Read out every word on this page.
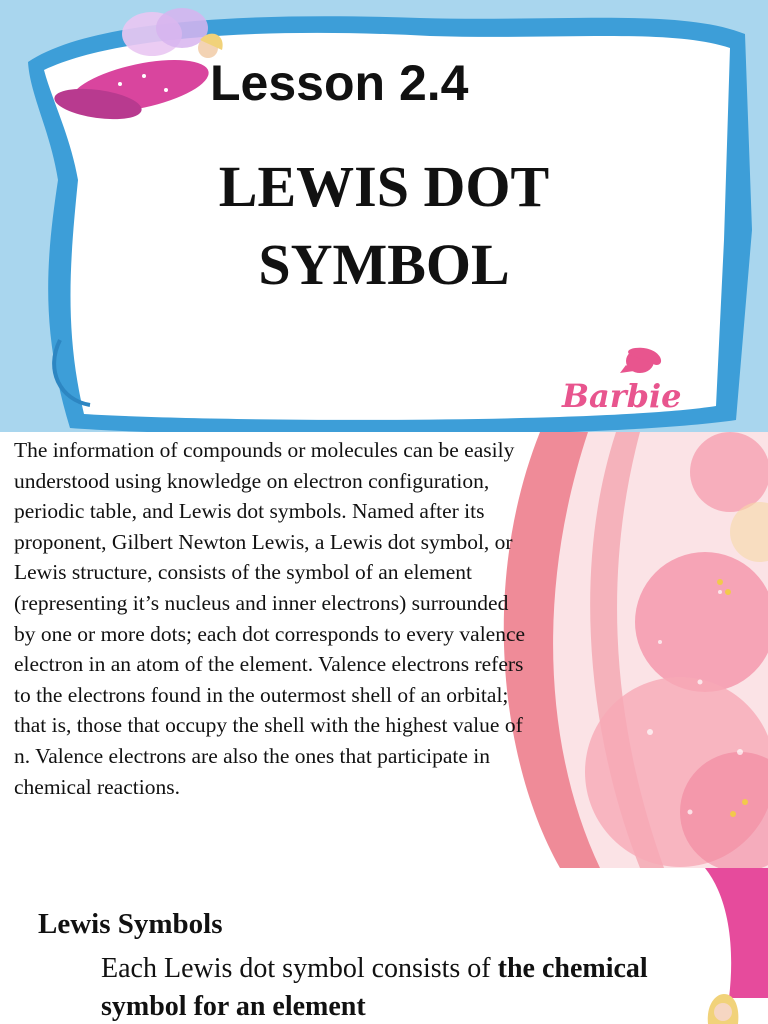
Lesson 2.4
LEWIS DOT
SYMBOL
Barbie
The information of compounds or molecules can be easily understood using knowledge on electron configuration, periodic table, and Lewis dot symbols. Named after its proponent, Gilbert Newton Lewis, a Lewis dot symbol, or Lewis structure, consists of the symbol of an element (representing it’s nucleus and inner electrons) surrounded by one or more dots; each dot corresponds to every valence electron in an atom of the element. Valence electrons refers to the electrons found in the outermost shell of an orbital; that is, those that occupy the shell with the highest value of n. Valence electrons are also the ones that participate in chemical reactions.
Lewis Symbols
Each Lewis dot symbol consists of the chemical symbol for an element
